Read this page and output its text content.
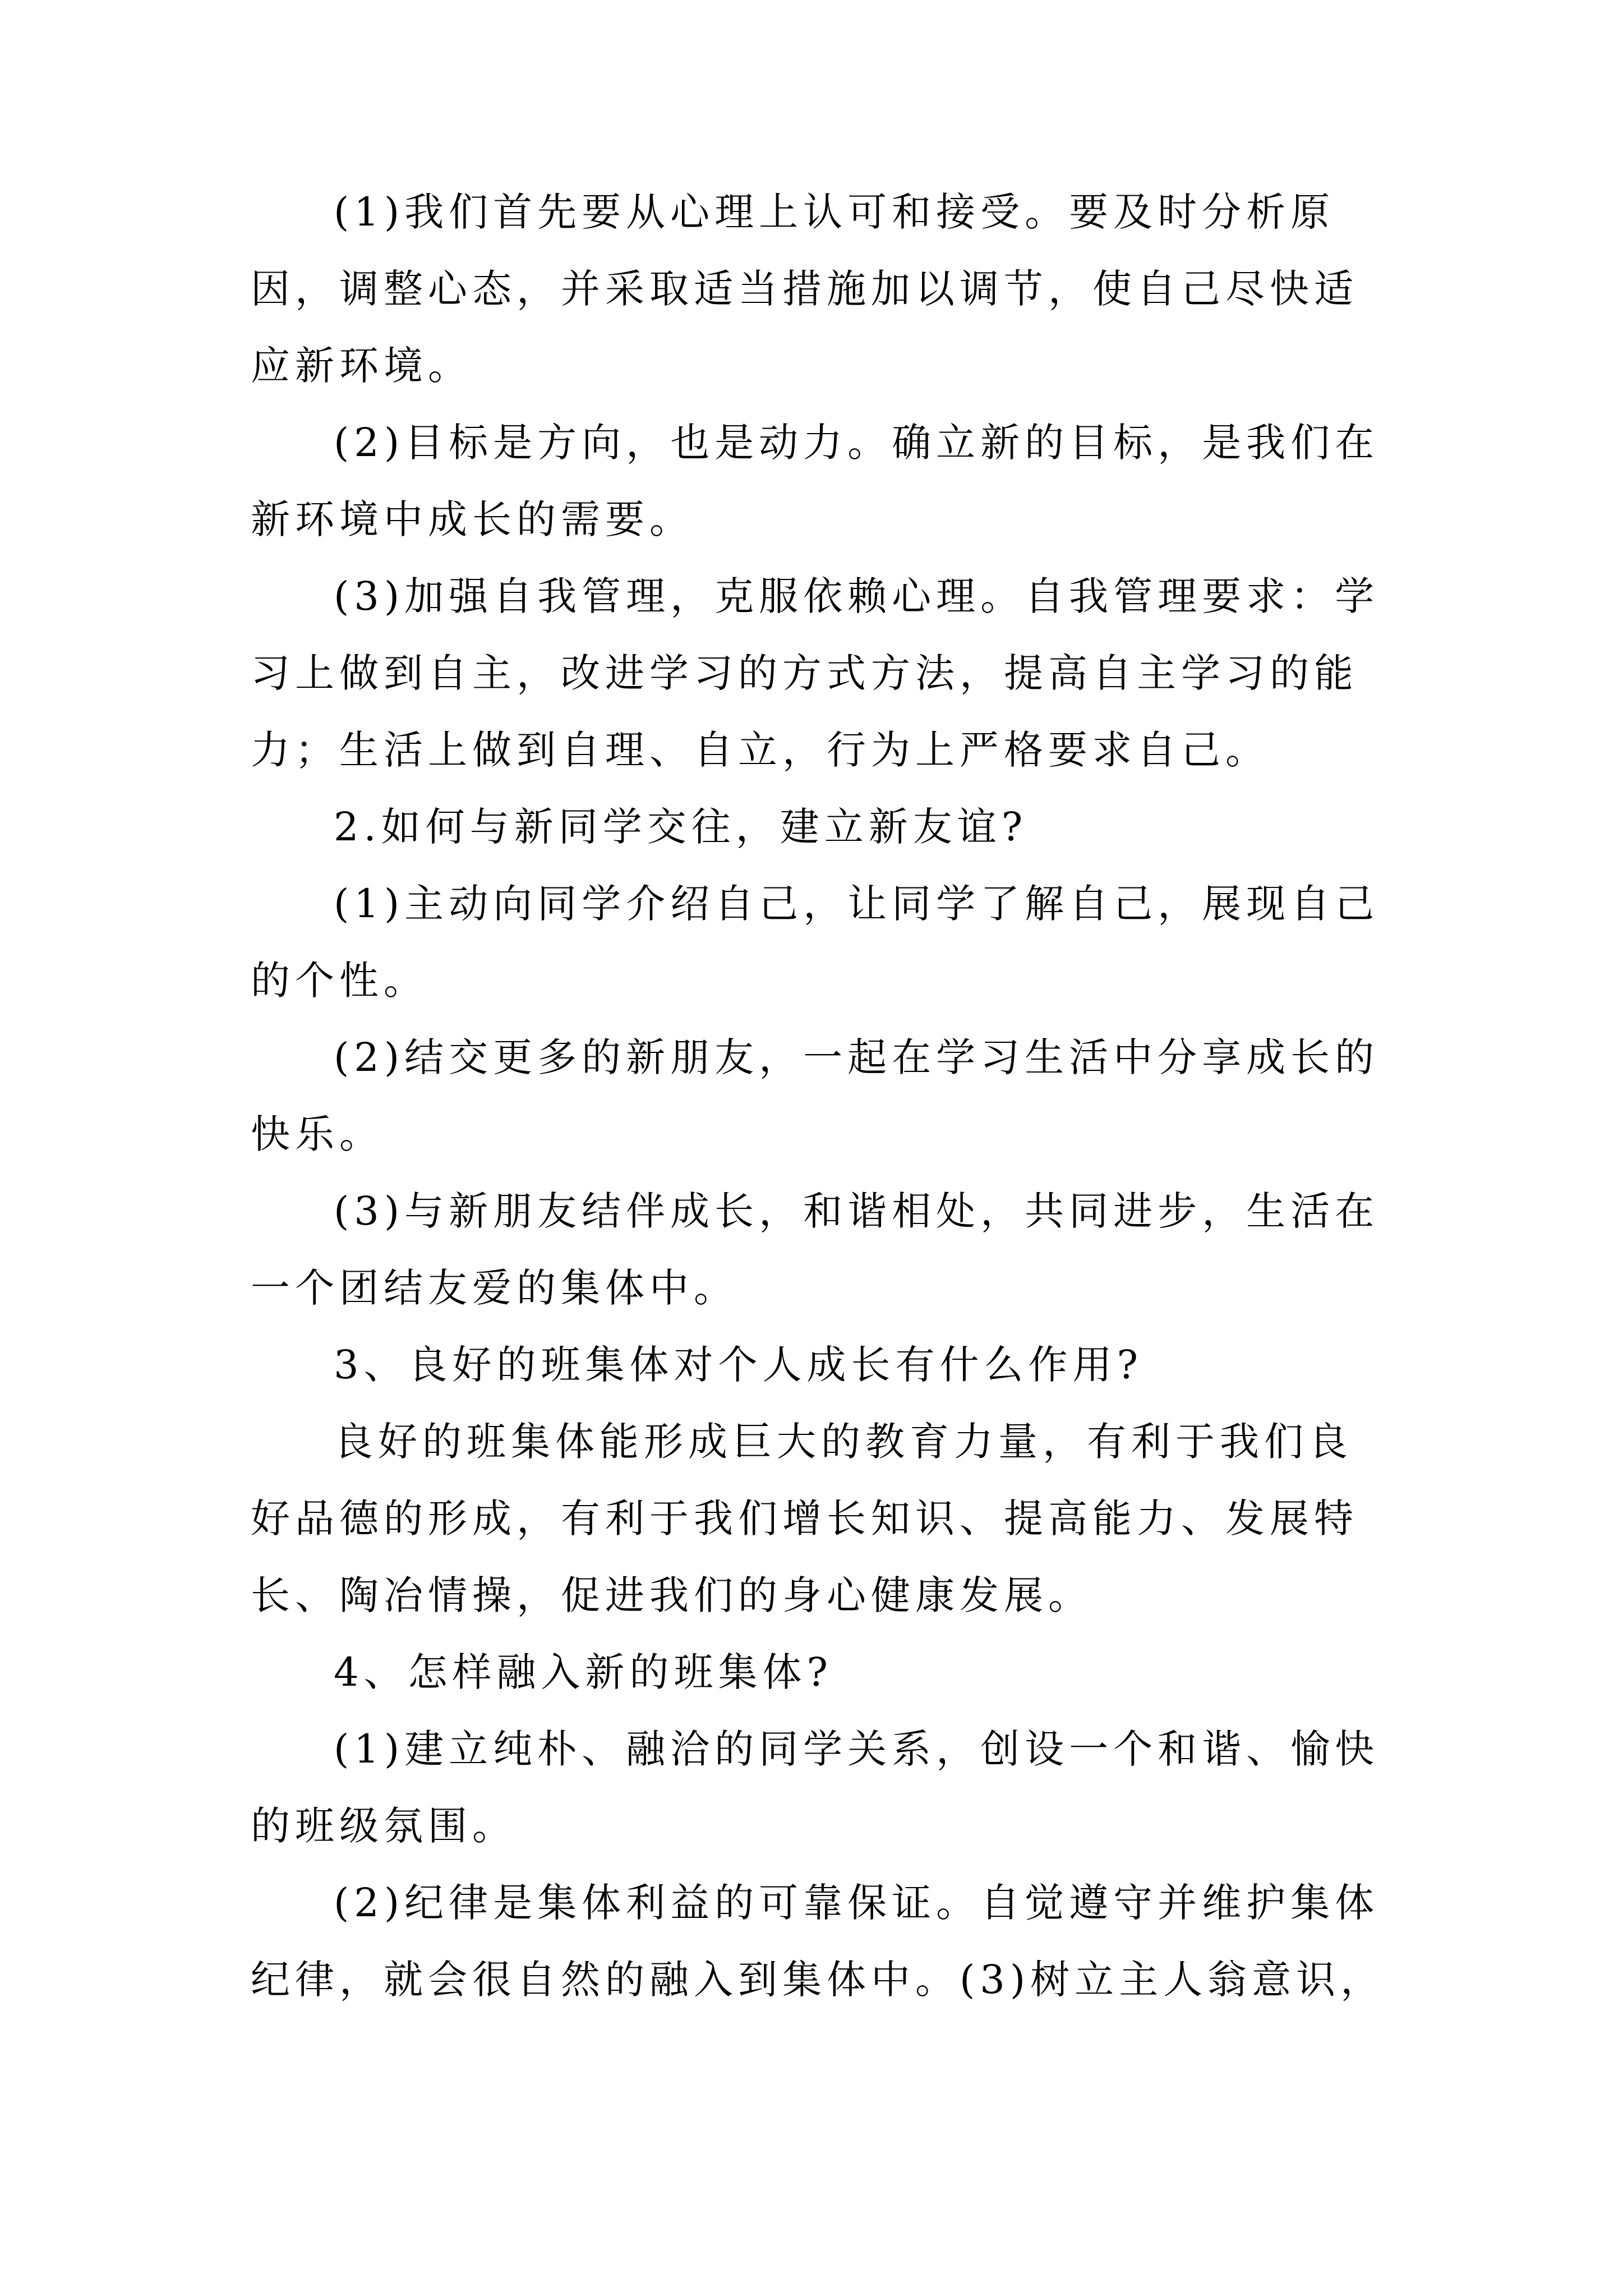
(1)我们首先要从心理上认可和接受。要及时分析原因，调整心态，并采取适当措施加以调节，使自己尽快适应新环境。

(2)目标是方向，也是动力。确立新的目标，是我们在新环境中成长的需要。

(3)加强自我管理，克服依赖心理。自我管理要求：学习上做到自主，改进学习的方式方法，提高自主学习的能力；生活上做到自理、自立，行为上严格要求自己。

2.如何与新同学交往，建立新友谊?

(1)主动向同学介绍自己，让同学了解自己，展现自己的个性。

(2)结交更多的新朋友，一起在学习生活中分享成长的快乐。

(3)与新朋友结伴成长，和谐相处，共同进步，生活在一个团结友爱的集体中。

3、良好的班集体对个人成长有什么作用?

良好的班集体能形成巨大的教育力量，有利于我们良好品德的形成，有利于我们增长知识、提高能力、发展特长、陶冶情操，促进我们的身心健康发展。

4、怎样融入新的班集体?

(1)建立纯朴、融洽的同学关系，创设一个和谐、愉快的班级氛围。

(2)纪律是集体利益的可靠保证。自觉遵守并维护集体纪律，就会很自然的融入到集体中。(3)树立主人翁意识，
